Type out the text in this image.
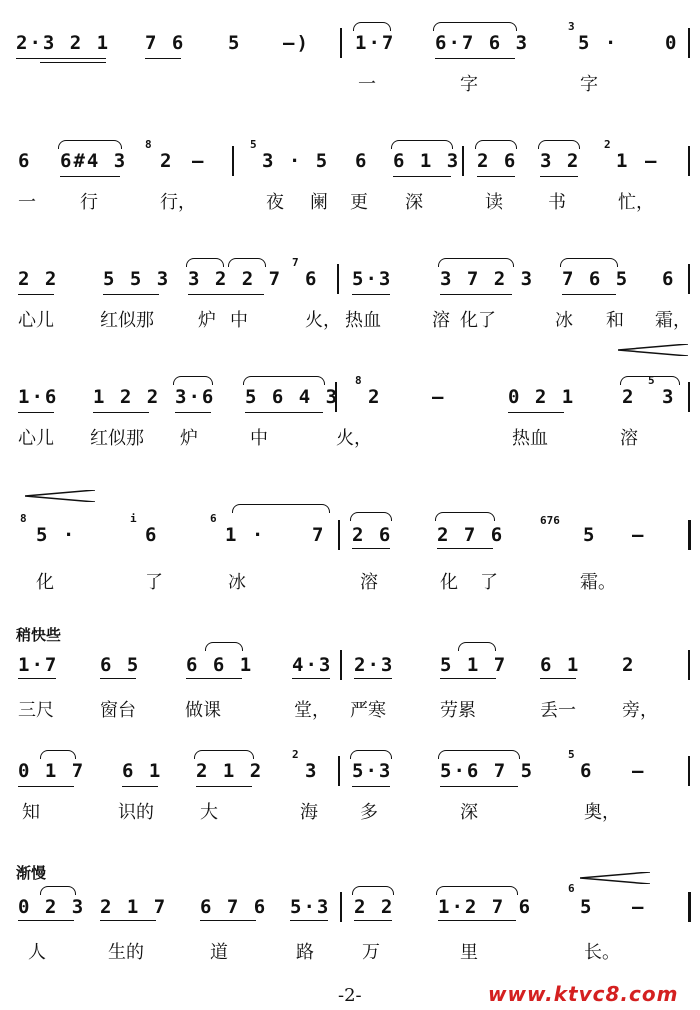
2·3 2 1 7 6 5 —) 1·7 6·7 6 3
3
5 · 0
一	字	字
6 6#4 3
8
2 —
5
3 · 5 6 6 1 3 2 6 3 2
2
1 —
一 行	行，	夜 阑 更 深	读	书	忙，
2 2 5 5 3 3 2 2 7
7
6 5·3	3 7 2 3 7 6 5 6
心儿	红似那 炉 中	火， 热血	溶 化了	冰 和 霜，
1·6 1 2 2 3·6 5 6 4 3
8
2	—	0 2 1 2
5
3
心儿 红似那 炉	中	火，	热血	溶
8
5 ·
i
6
6
1 · 7 2 6 2 7 6
676
5 —
化	了	冰	溶	化 了	霜。
稍快些
1·7 6 5 6 6 1 4·3 2·3 5 1 7 6 1 2
三尺	窗台	做课	堂， 严寒	劳累	丢一	旁，
0 1 7 6 1 2 1 2
2
3 5·3	5·6 7 5
5
6 —
知	识的	大	海 多	深	奥，
渐慢
0 2 3 2 1 7 6 7 6 5·3 2 2 1·2 7 6
6
5 —
人	生的	道	路	万	里	长。
-2-	www.ktvc8.com
